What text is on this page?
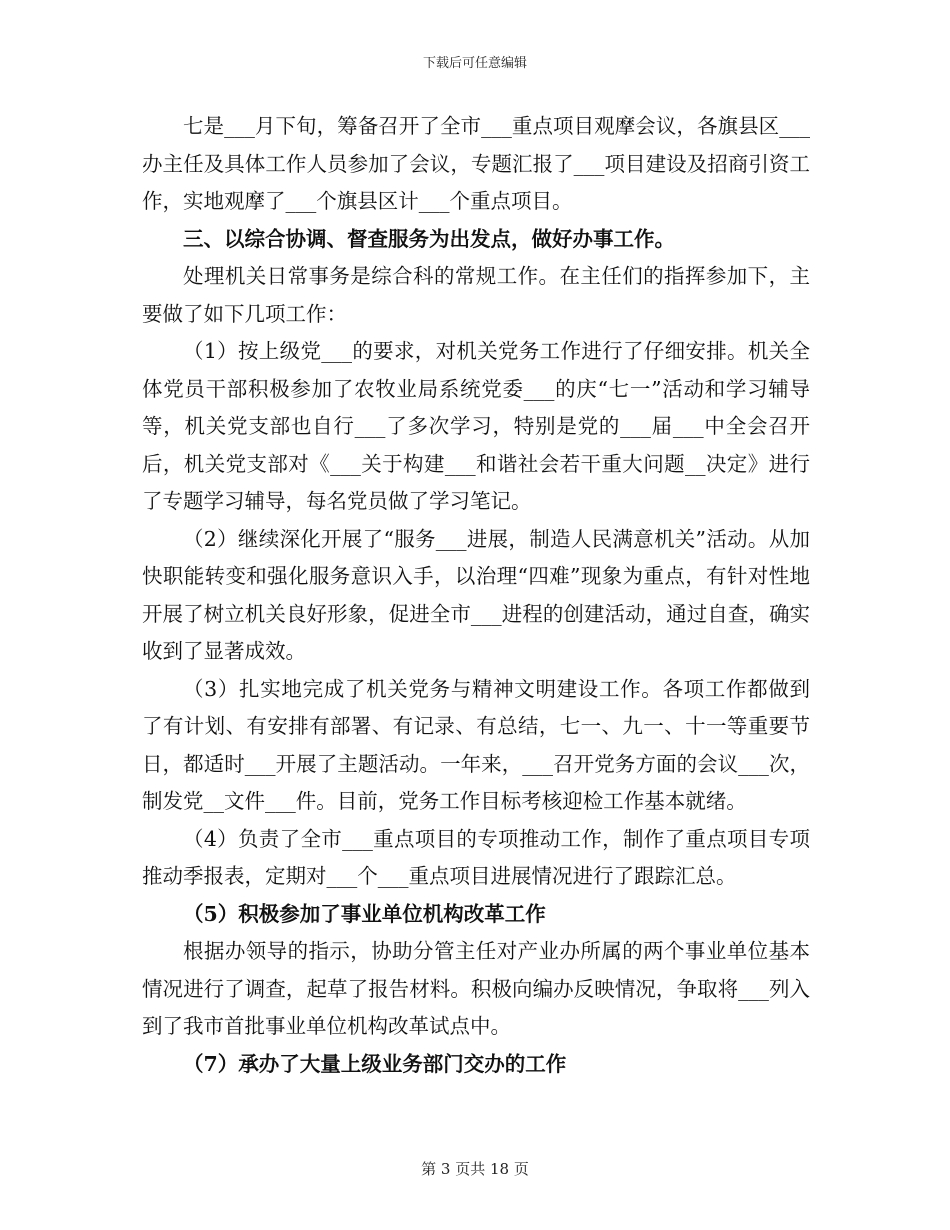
下载后可任意编辑

七是___月下旬，筹备召开了全市___重点项目观摩会议，各旗县区___办主任及具体工作人员参加了会议，专题汇报了___项目建设及招商引资工作，实地观摩了___个旗县区计___个重点项目。

三、以综合协调、督查服务为出发点，做好办事工作。

处理机关日常事务是综合科的常规工作。在主任们的指挥参加下，主要做了如下几项工作：

（1）按上级党___的要求，对机关党务工作进行了仔细安排。机关全体党员干部积极参加了农牧业局系统党委___的庆“七一”活动和学习辅导等，机关党支部也自行___了多次学习，特别是党的___届___中全会召开后，机关党支部对《___关于构建___和谐社会若干重大问题__决定》进行了专题学习辅导，每名党员做了学习笔记。

（2）继续深化开展了“服务___进展，制造人民满意机关”活动。从加快职能转变和强化服务意识入手，以治理“四难”现象为重点，有针对性地开展了树立机关良好形象，促进全市___进程的创建活动，通过自查，确实收到了显著成效。

（3）扎实地完成了机关党务与精神文明建设工作。各项工作都做到了有计划、有安排有部署、有记录、有总结，七一、九一、十一等重要节日，都适时___开展了主题活动。一年来，___召开党务方面的会议___次，制发党__文件___件。目前，党务工作目标考核迎检工作基本就绪。

（4）负责了全市___重点项目的专项推动工作，制作了重点项目专项推动季报表，定期对___个___重点项目进展情况进行了跟踪汇总。

（5）积极参加了事业单位机构改革工作

根据办领导的指示，协助分管主任对产业办所属的两个事业单位基本情况进行了调查，起草了报告材料。积极向编办反映情况，争取将___列入到了我市首批事业单位机构改革试点中。

（7）承办了大量上级业务部门交办的工作

第 3 页共 18 页
